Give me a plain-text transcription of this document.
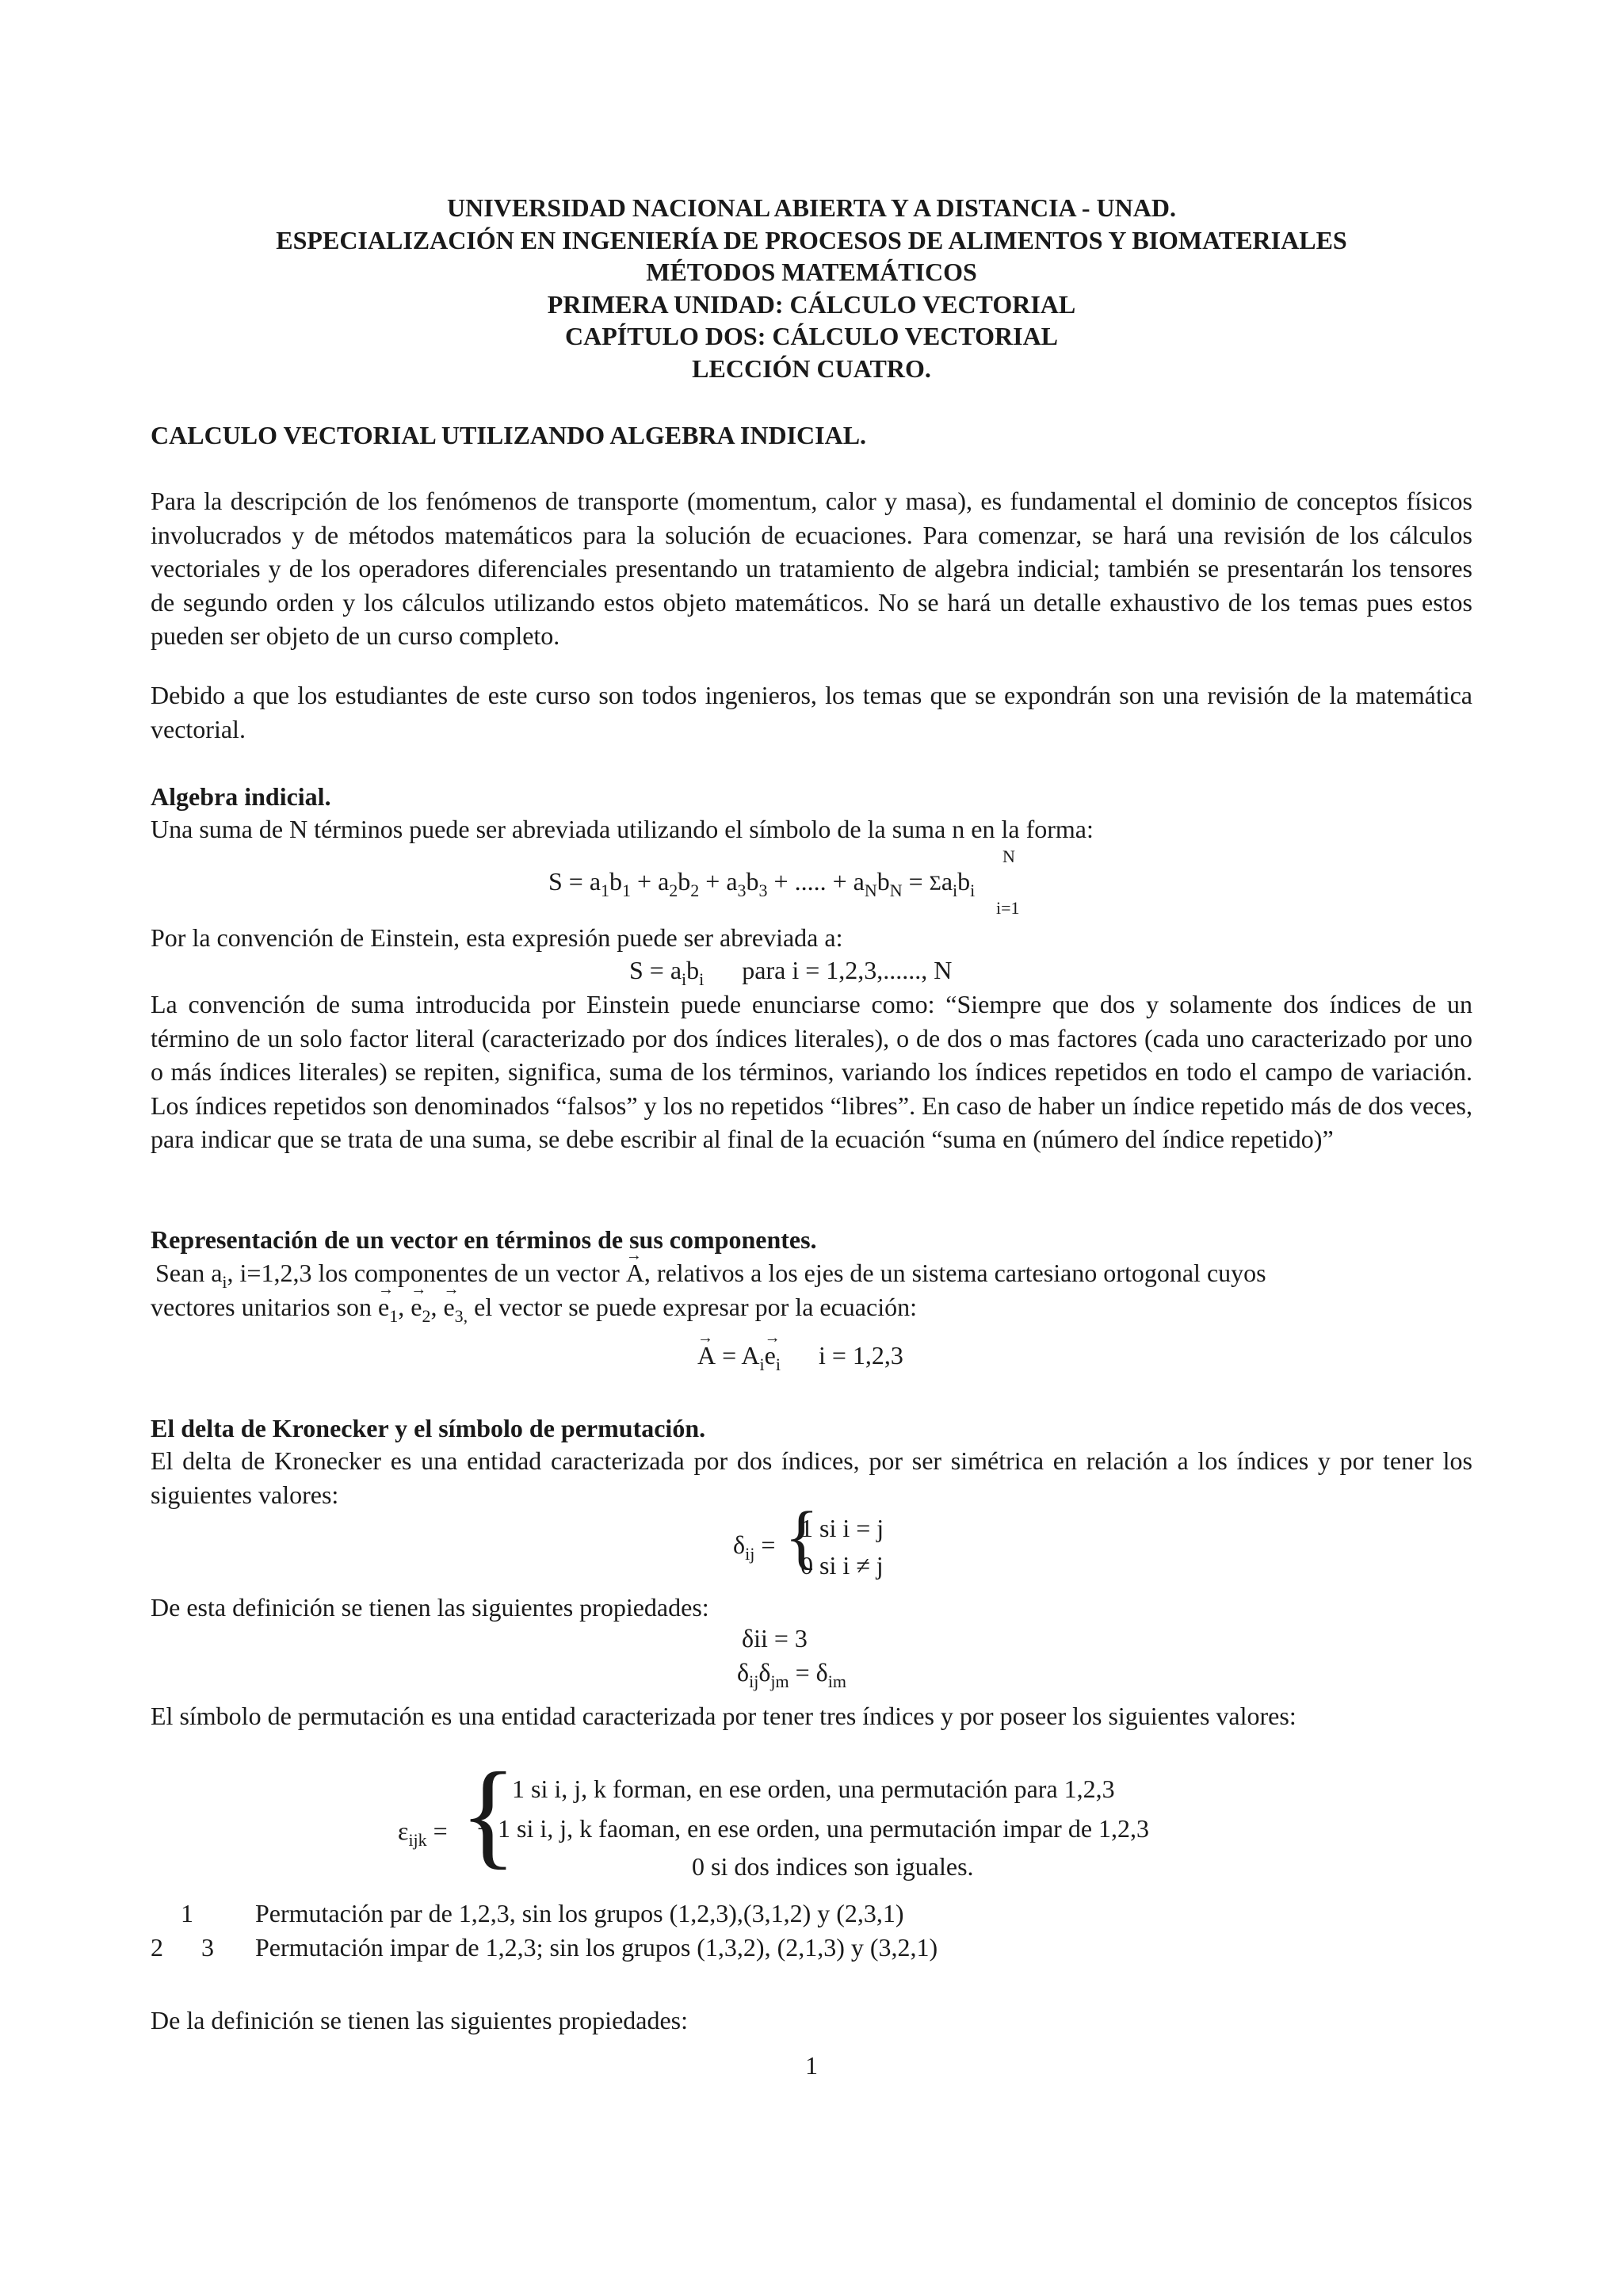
UNIVERSIDAD NACIONAL ABIERTA Y A DISTANCIA - UNAD.
ESPECIALIZACIÓN EN INGENIERÍA DE PROCESOS DE ALIMENTOS Y BIOMATERIALES
MÉTODOS MATEMÁTICOS
PRIMERA UNIDAD: CÁLCULO VECTORIAL
CAPÍTULO DOS: CÁLCULO VECTORIAL
LECCIÓN CUATRO.
CALCULO VECTORIAL UTILIZANDO ALGEBRA INDICIAL.
Para la descripción de los fenómenos de transporte (momentum, calor y masa), es fundamental el dominio de conceptos físicos involucrados y de métodos matemáticos para la solución de ecuaciones. Para comenzar, se hará una revisión de los cálculos vectoriales y de los operadores diferenciales presentando un tratamiento de algebra indicial; también se presentarán los tensores de segundo orden y los cálculos utilizando estos objeto matemáticos. No se hará un detalle exhaustivo de los temas pues estos pueden ser objeto de un curso completo.
Debido a que los estudiantes de este curso son todos ingenieros, los temas que se expondrán son una revisión de la matemática vectorial.
Algebra indicial.
Una suma de N términos puede ser abreviada utilizando el símbolo de la suma n en la forma:
$S = a_1b_1 + a_2b_2 + a_3b_3$ + ..... + $a_Nb_N = \Sigma a_ib_i$
N
i=1
Por la convención de Einstein, esta expresión puede ser abreviada a:
$S = a_ib_i$      para i = 1,2,3,......, N
La convención de suma introducida por Einstein puede enunciarse como: “Siempre que dos y solamente dos índices de un término de un solo factor literal (caracterizado por dos índices literales), o de dos o mas factores (cada uno caracterizado por uno o más índices literales) se repiten, significa, suma de los términos, variando los índices repetidos en todo el campo de variación. Los índices repetidos son denominados “falsos” y los no repetidos “libres”. En caso de haber un índice repetido más de dos veces, para indicar que se trata de una suma, se debe escribir al final de la ecuación “suma en (número del índice repetido)”
Representación de un vector en términos de sus componentes.
Sean $a_i$, i=1,2,3 los componentes de un vector → A, relativos a los ejes de un sistema cartesiano ortogonal cuyos
vectores unitarios son → $e_1$, → $e_2$, → $e_{3,}$ el vector se puede expresar por la ecuación:
→ $A = A_i\to e_i$      i = 1,2,3
El delta de Kronecker y el símbolo de permutación.
El delta de Kronecker es una entidad caracterizada por dos índices, por ser simétrica en relación a los índices y por tener los siguientes valores:
$\delta_{ij}$ = {
1 si i = j
0 si i ≠ j
De esta definición se tienen las siguientes propiedades:
δii = 3
$\delta_{ij}\delta_{jm} = \delta_{im}$
El símbolo de permutación es una entidad caracterizada por tener tres índices y por poseer los siguientes valores:
$\varepsilon_{ijk}$ = {
1 si i, j, k forman, en ese orden, una permutación para 1,2,3
− 1 si i, j, k faoman, en ese orden, una permutación impar de 1,2,3
0 si dos indices son iguales.
1 Permutación par de 1,2,3, sin los grupos (1,2,3),(3,1,2) y (2,3,1)
2      3 Permutación impar de 1,2,3; sin los grupos (1,3,2), (2,1,3) y (3,2,1)
De la definición se tienen las siguientes propiedades:
1
